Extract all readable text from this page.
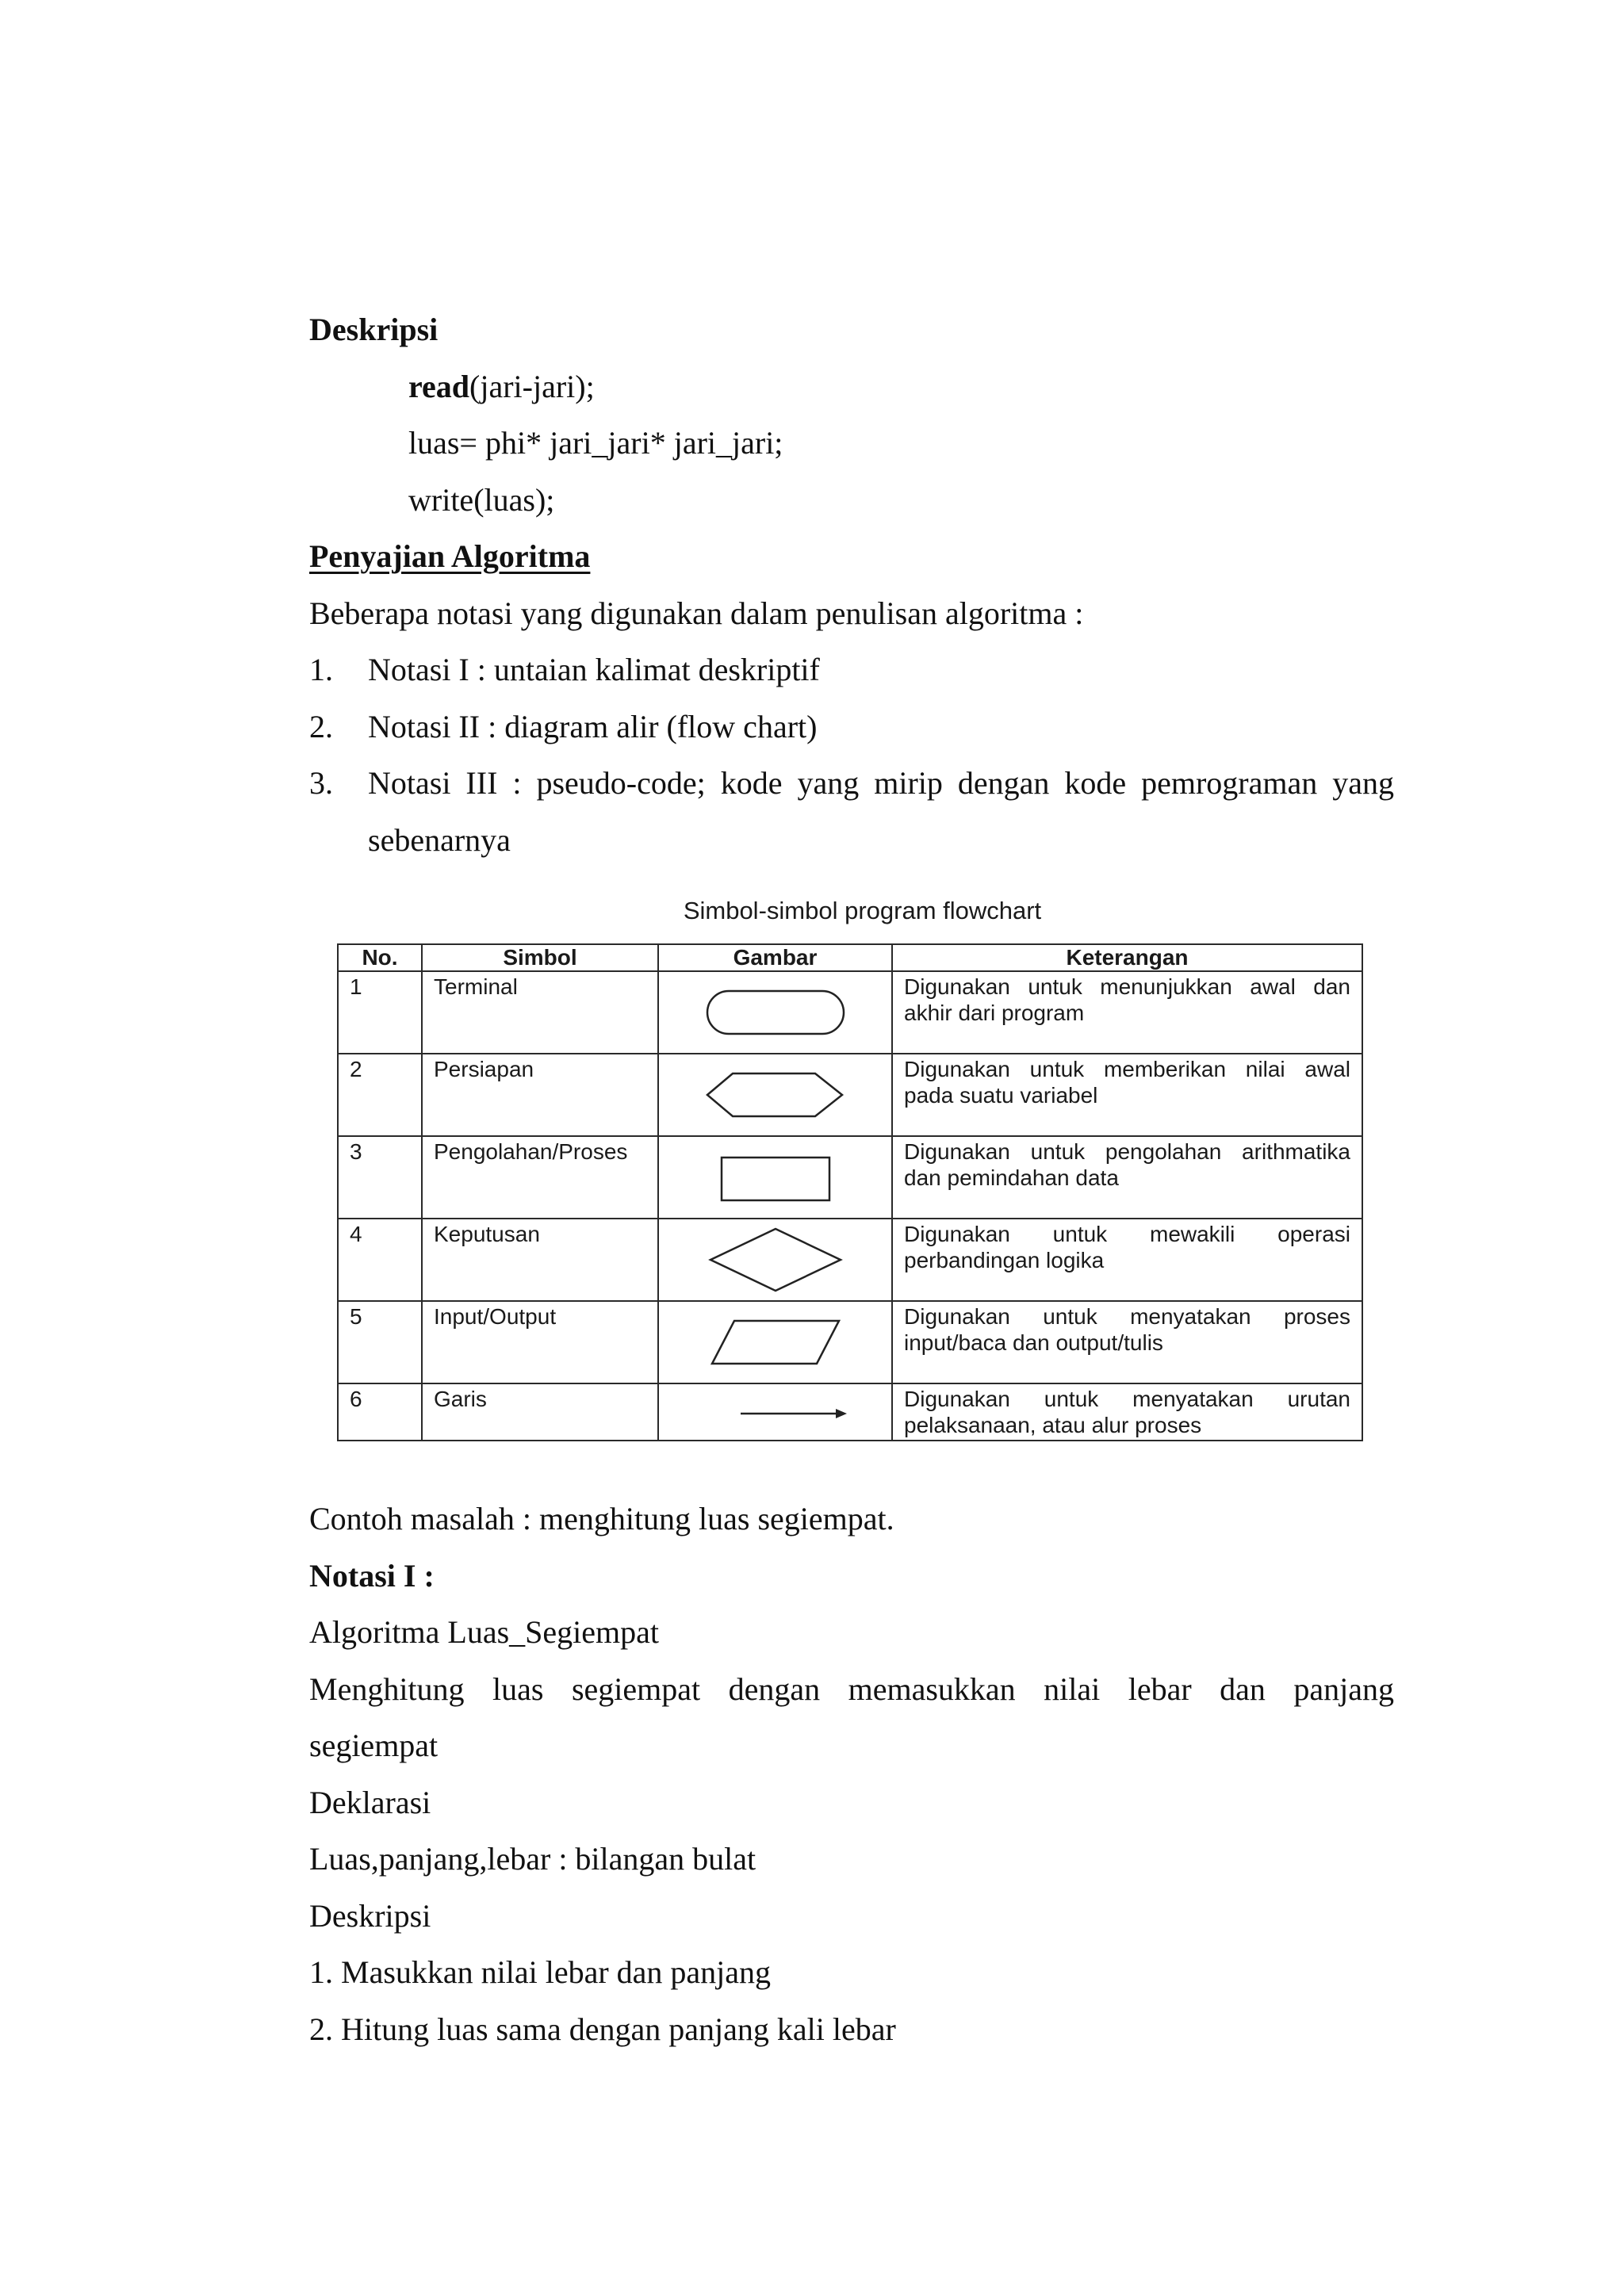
Deskripsi
read(jari-jari);
luas= phi* jari_jari* jari_jari;
write(luas);
Penyajian Algoritma
Beberapa notasi yang digunakan dalam penulisan algoritma :
1.	Notasi I : untaian kalimat deskriptif
2.	Notasi II : diagram alir (flow chart)
3.	Notasi III : pseudo-code; kode yang mirip dengan kode pemrograman yang
sebenarnya
Simbol-simbol program flowchart
No.	Simbol	Gambar	Keterangan
1	Terminal		Digunakan untuk menunjukkan awal dan akhir dari program
2	Persiapan		Digunakan untuk memberikan nilai awal pada suatu variabel
3	Pengolahan/Proses		Digunakan untuk pengolahan arithmatika dan pemindahan data
4	Keputusan		Digunakan untuk mewakili operasi perbandingan logika
5	Input/Output		Digunakan untuk menyatakan proses input/baca dan output/tulis
6	Garis		Digunakan untuk menyatakan urutan pelaksanaan, atau alur proses
Contoh masalah : menghitung luas segiempat.
Notasi I :
Algoritma Luas_Segiempat
Menghitung luas segiempat dengan memasukkan nilai lebar dan panjang
segiempat
Deklarasi
Luas,panjang,lebar : bilangan bulat
Deskripsi
1. Masukkan nilai lebar dan panjang
2. Hitung luas sama dengan panjang kali lebar
